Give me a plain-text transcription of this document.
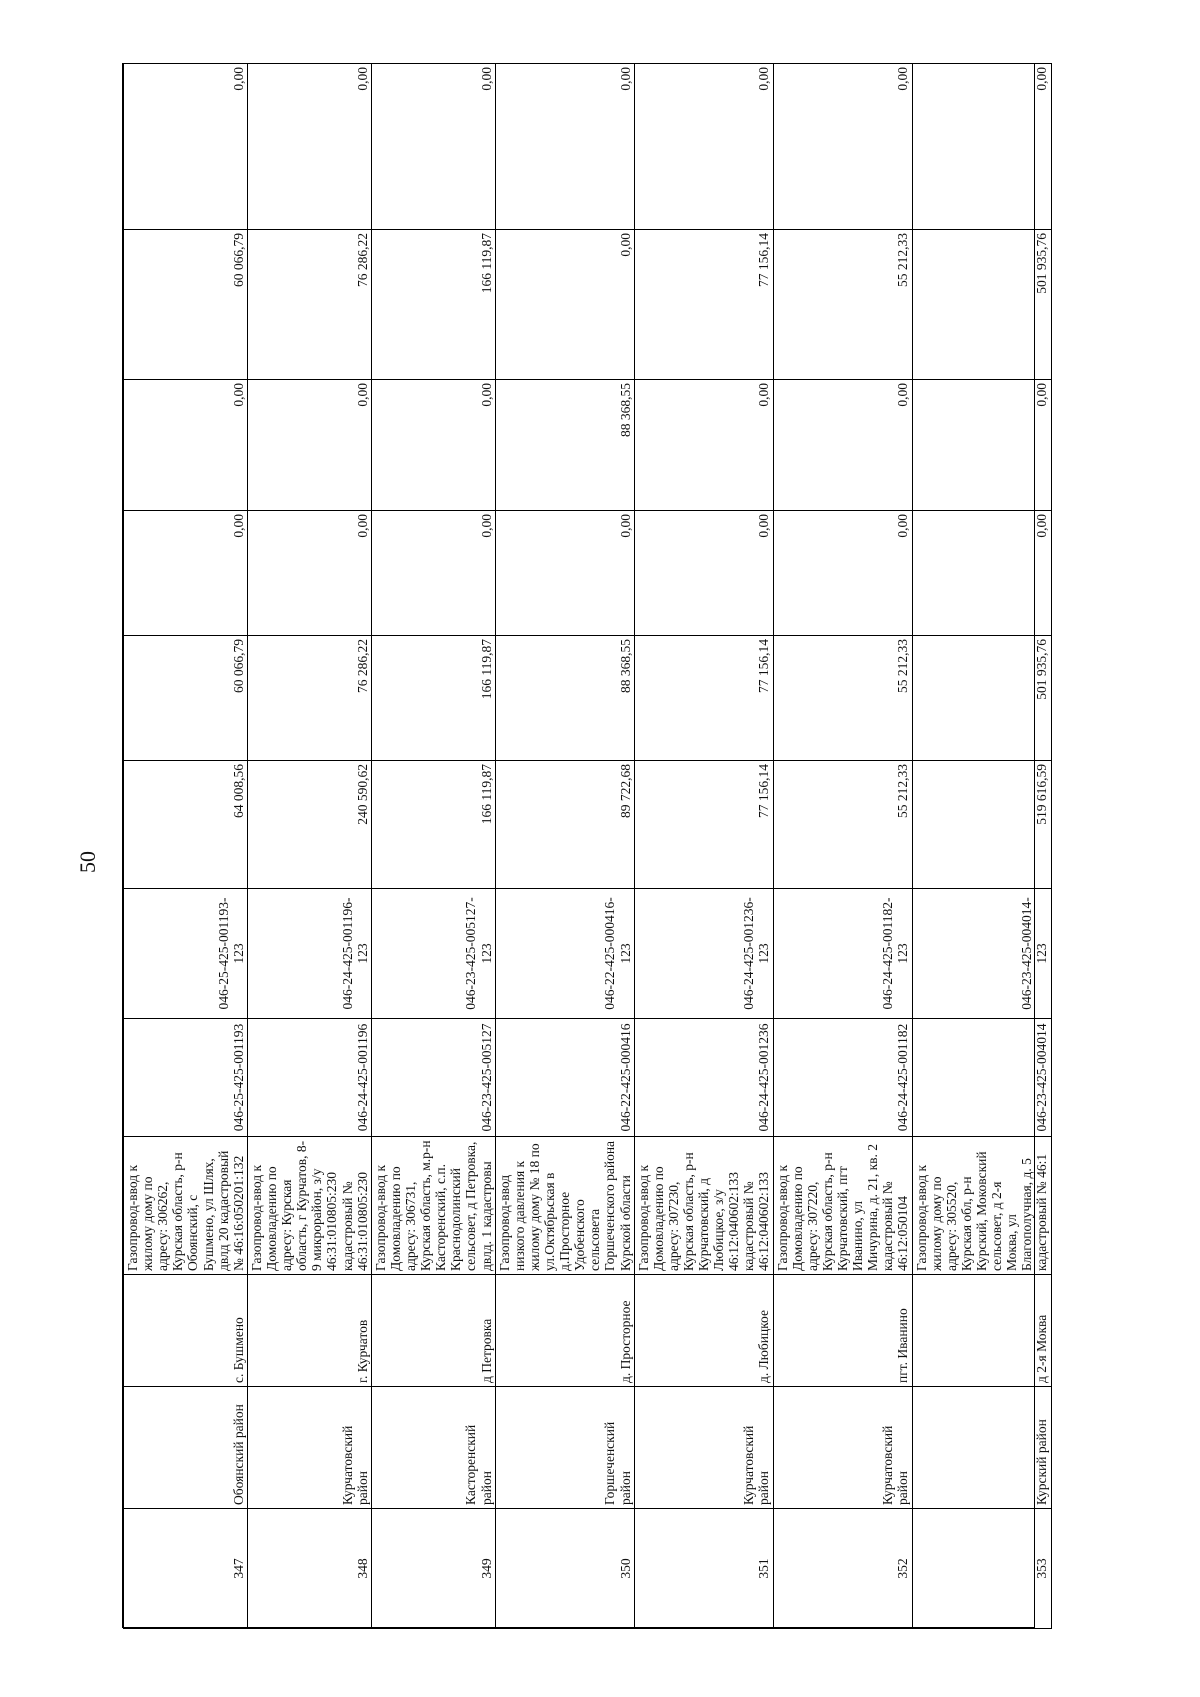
50
347	Обоянский район	с. Бушмено	Газопровод-ввод к жилому дому по адресу: 306262, Курская область, р-н Обоянский, с Бушмено, ул Шлях, двлд 20 кадастровый № 46:16:050201:132	046-25-425-001193	046-25-425-001193-123	64 008,56	60 066,79	0,00	0,00	60 066,79	0,00
348	Курчатовский район	г. Курчатов	Газопровод-ввод к Домовладению по адресу: Курская область, г Курчатов, 8-9 микрорайон, з/у 46:31:010805:230 кадастровый № 46:31:010805:230	046-24-425-001196	046-24-425-001196-123	240 590,62	76 286,22	0,00	0,00	76 286,22	0,00
349	Касторенский район	д Петровка	Газопровод-ввод к Домовладению по адресу: 306731, Курская область, м.р-н Касторенский, с.п. Краснодолинский сельсовет, д Петровка, двлд. 1 кадастровы	046-23-425-005127	046-23-425-005127-123	166 119,87	166 119,87	0,00	0,00	166 119,87	0,00
350	Горшеченский район	д. Просторное	Газопровод-ввод низкого давления к жилому дому № 18 по ул.Октябрьская в д.Просторное Удобенского сельсовета Горшеченского района Курской области	046-22-425-000416	046-22-425-000416-123	89 722,68	88 368,55	0,00	88 368,55	0,00	0,00
351	Курчатовский район	д. Любицкое	Газопровод-ввод к Домовладению по адресу: 307230, Курская область, р-н Курчатовский, д Любицкое, з/у 46:12:040602:133 кадастровый № 46:12:040602:133	046-24-425-001236	046-24-425-001236-123	77 156,14	77 156,14	0,00	0,00	77 156,14	0,00
352	Курчатовский район	пгт. Иванино	Газопровод-ввод к Домовладению по адресу: 307220, Курская область, р-н Курчатовский, пгт Иванино, ул Мичурина, д. 21, кв. 2 кадастровый № 46:12:050104	046-24-425-001182	046-24-425-001182-123	55 212,33	55 212,33	0,00	0,00	55 212,33	0,00
353	Курский район	д 2-я Моква	Газопровод-ввод к жилому дому по адресу: 305520, Курская обл, р-н Курский, Моковский сельсовет, д 2-я Моква, ул Благополучная, д. 5 кадастровый № 46:1	046-23-425-004014	046-23-425-004014-123	519 616,59	501 935,76	0,00	0,00	501 935,76	0,00
